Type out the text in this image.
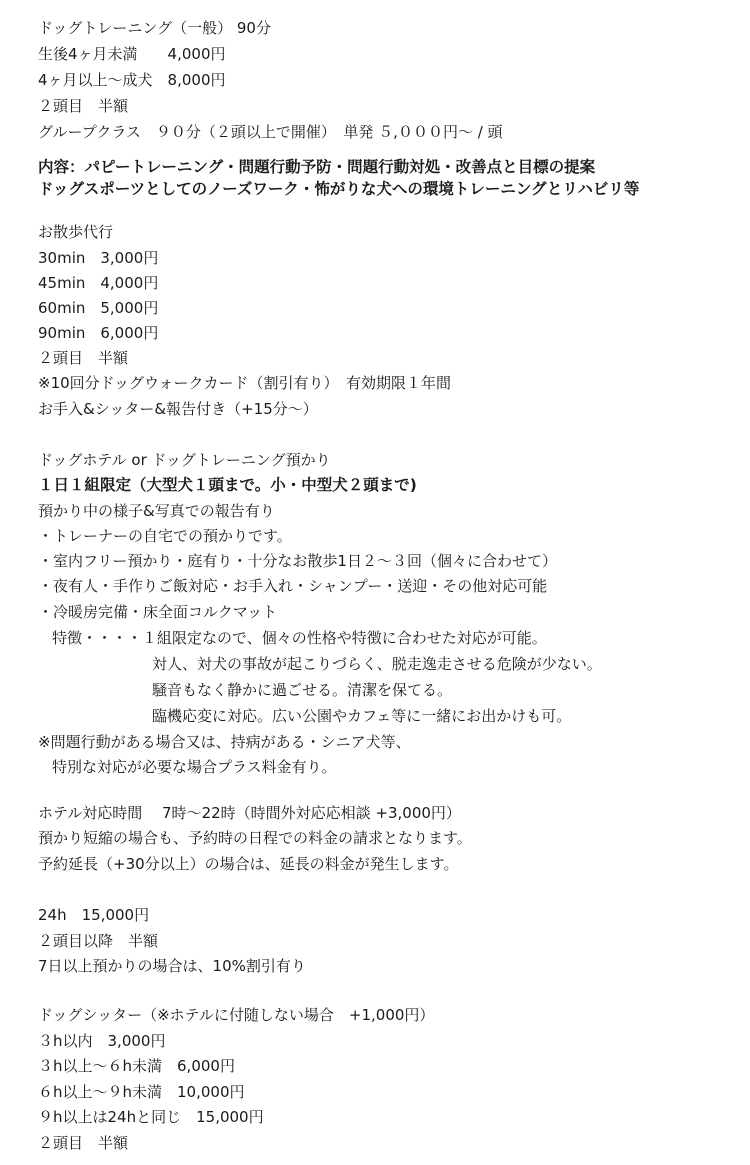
ドッグトレーニング（一般） 90分
生後4ヶ月未満　　4,000円
4ヶ月以上〜成犬　8,000円
２頭目　半額
グループクラス　９０分（２頭以上で開催）　単発 ５,０００円〜 / 頭
内容：パピートレーニング・問題行動予防・問題行動対処・改善点と目標の提案
ドッグスポーツとしてのノーズワーク・怖がりな犬への環境トレーニングとリハビリ等
お散歩代行
30min　3,000円
45min　4,000円
60min　5,000円
90min　6,000円
２頭目　半額
※10回分ドッグウォークカード（割引有り）　有効期限１年間
お手入&シッター&報告付き（+15分〜）
ドッグホテル or ドッグトレーニング預かり
１日１組限定（大型犬１頭まで。小・中型犬２頭まで)
預かり中の様子&写真での報告有り
・トレーナーの自宅での預かりです。
・室内フリー預かり・庭有り・十分なお散歩1日２〜３回（個々に合わせて）
・夜有人・手作りご飯対応・お手入れ・シャンプー・送迎・その他対応可能
・冷暖房完備・床全面コルクマット
特徴・・・・１組限定なので、個々の性格や特徴に合わせた対応が可能。
対人、対犬の事故が起こりづらく、脱走逸走させる危険が少ない。
騒音もなく静かに過ごせる。清潔を保てる。
臨機応変に対応。広い公園やカフェ等に一緒にお出かけも可。
※問題行動がある場合又は、持病がある・シニア犬等、
特別な対応が必要な場合プラス料金有り。
ホテル対応時間　 7時〜22時（時間外対応応相談 +3,000円）
預かり短縮の場合も、予約時の日程での料金の請求となります。
予約延長（+30分以上）の場合は、延長の料金が発生します。
24h　15,000円
２頭目以降　半額
7日以上預かりの場合は、10%割引有り
ドッグシッター（※ホテルに付随しない場合　+1,000円）
３h以内　3,000円
３h以上〜６h未満　6,000円
６h以上〜９h未満　10,000円
９h以上は24hと同じ　15,000円
２頭目　半額
